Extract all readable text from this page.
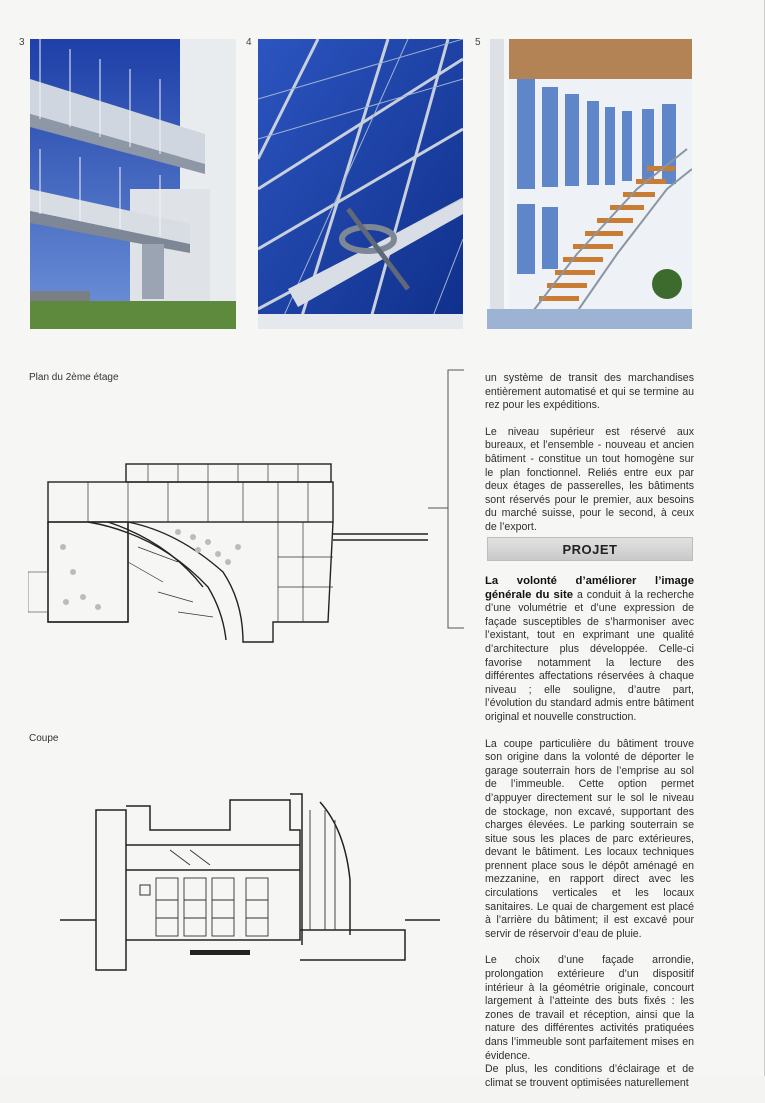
3	4	5
Plan du 2ème étage
Coupe

un système de transit des marchandises entièrement automatisé et qui se termine au rez pour les expéditions.

Le niveau supérieur est réservé aux bureaux, et l’ensemble - nouveau et ancien bâtiment - constitue un tout homogène sur le plan fonctionnel. Reliés entre eux par deux étages de passerelles, les bâtiments sont réservés pour le premier, aux besoins du marché suisse, pour le second, à ceux de l’export.

PROJET

La volonté d’améliorer l’image générale du site a conduit à la recherche d’une volumétrie et d’une expression de façade susceptibles de s’harmoniser avec l’existant, tout en exprimant une qualité d’architecture plus développée. Celle-ci favorise notamment la lecture des différentes affectations réservées à chaque niveau ; elle souligne, d’autre part, l’évolution du standard admis entre bâtiment original et nouvelle construction.

La coupe particulière du bâtiment trouve son origine dans la volonté de déporter le garage souterrain hors de l’emprise au sol de l’immeuble. Cette option permet d’appuyer directement sur le sol le niveau de stockage, non excavé, supportant des charges élevées. Le parking souterrain se situe sous les places de parc extérieures, devant le bâtiment. Les locaux techniques prennent place sous le dépôt aménagé en mezzanine, en rapport direct avec les circulations verticales et les locaux sanitaires. Le quai de chargement est placé à l’arrière du bâtiment; il est excavé pour servir de réservoir d’eau de pluie.

Le choix d’une façade arrondie, prolongation extérieure d’un dispositif intérieur à la géométrie originale, concourt largement à l’atteinte des buts fixés : les zones de travail et réception, ainsi que la nature des différentes activités pratiquées dans l’immeuble sont parfaitement mises en évidence.

De plus, les conditions d’éclairage et de climat se trouvent optimisées naturellement
